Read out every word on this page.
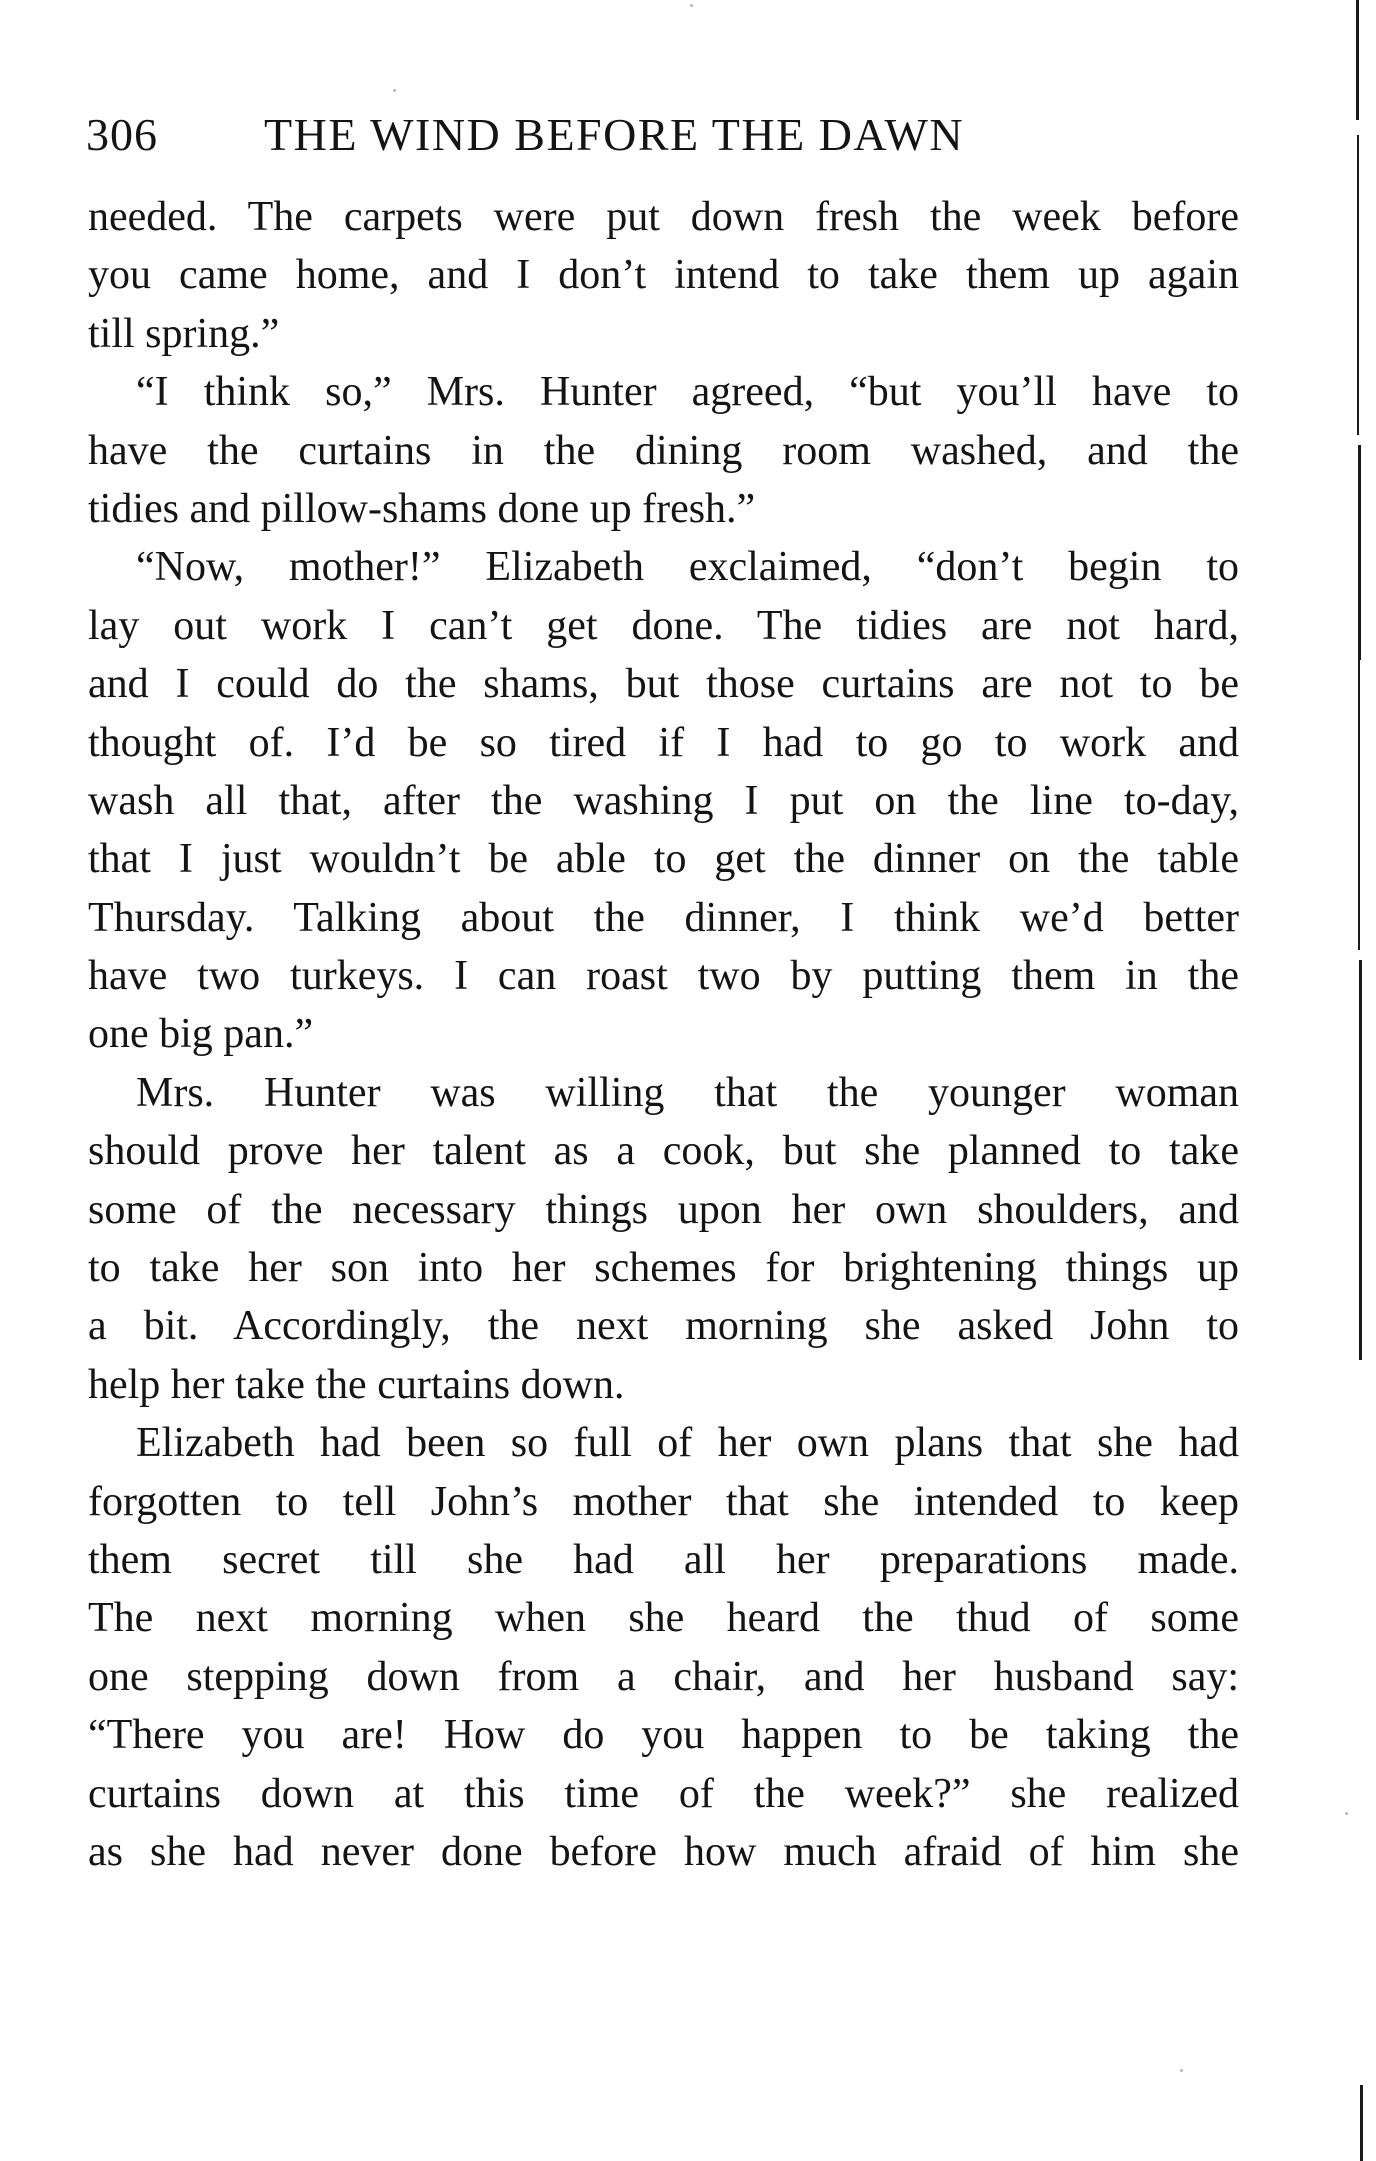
306 THE WIND BEFORE THE DAWN
needed. The carpets were put down fresh the week before
you came home, and I don’t intend to take them up again
till spring.”
“I think so,” Mrs. Hunter agreed, “but you’ll have to
have the curtains in the dining room washed, and the
tidies and pillow-shams done up fresh.”
“Now, mother!” Elizabeth exclaimed, “don’t begin to
lay out work I can’t get done. The tidies are not hard,
and I could do the shams, but those curtains are not to be
thought of. I’d be so tired if I had to go to work and
wash all that, after the washing I put on the line to-day,
that I just wouldn’t be able to get the dinner on the table
Thursday. Talking about the dinner, I think we’d better
have two turkeys. I can roast two by putting them in the
one big pan.”
Mrs. Hunter was willing that the younger woman
should prove her talent as a cook, but she planned to take
some of the necessary things upon her own shoulders, and
to take her son into her schemes for brightening things up
a bit. Accordingly, the next morning she asked John to
help her take the curtains down.
Elizabeth had been so full of her own plans that she had
forgotten to tell John’s mother that she intended to keep
them secret till she had all her preparations made.
The next morning when she heard the thud of some
one stepping down from a chair, and her husband say:
“There you are! How do you happen to be taking the
curtains down at this time of the week?” she realized
as she had never done before how much afraid of him she
